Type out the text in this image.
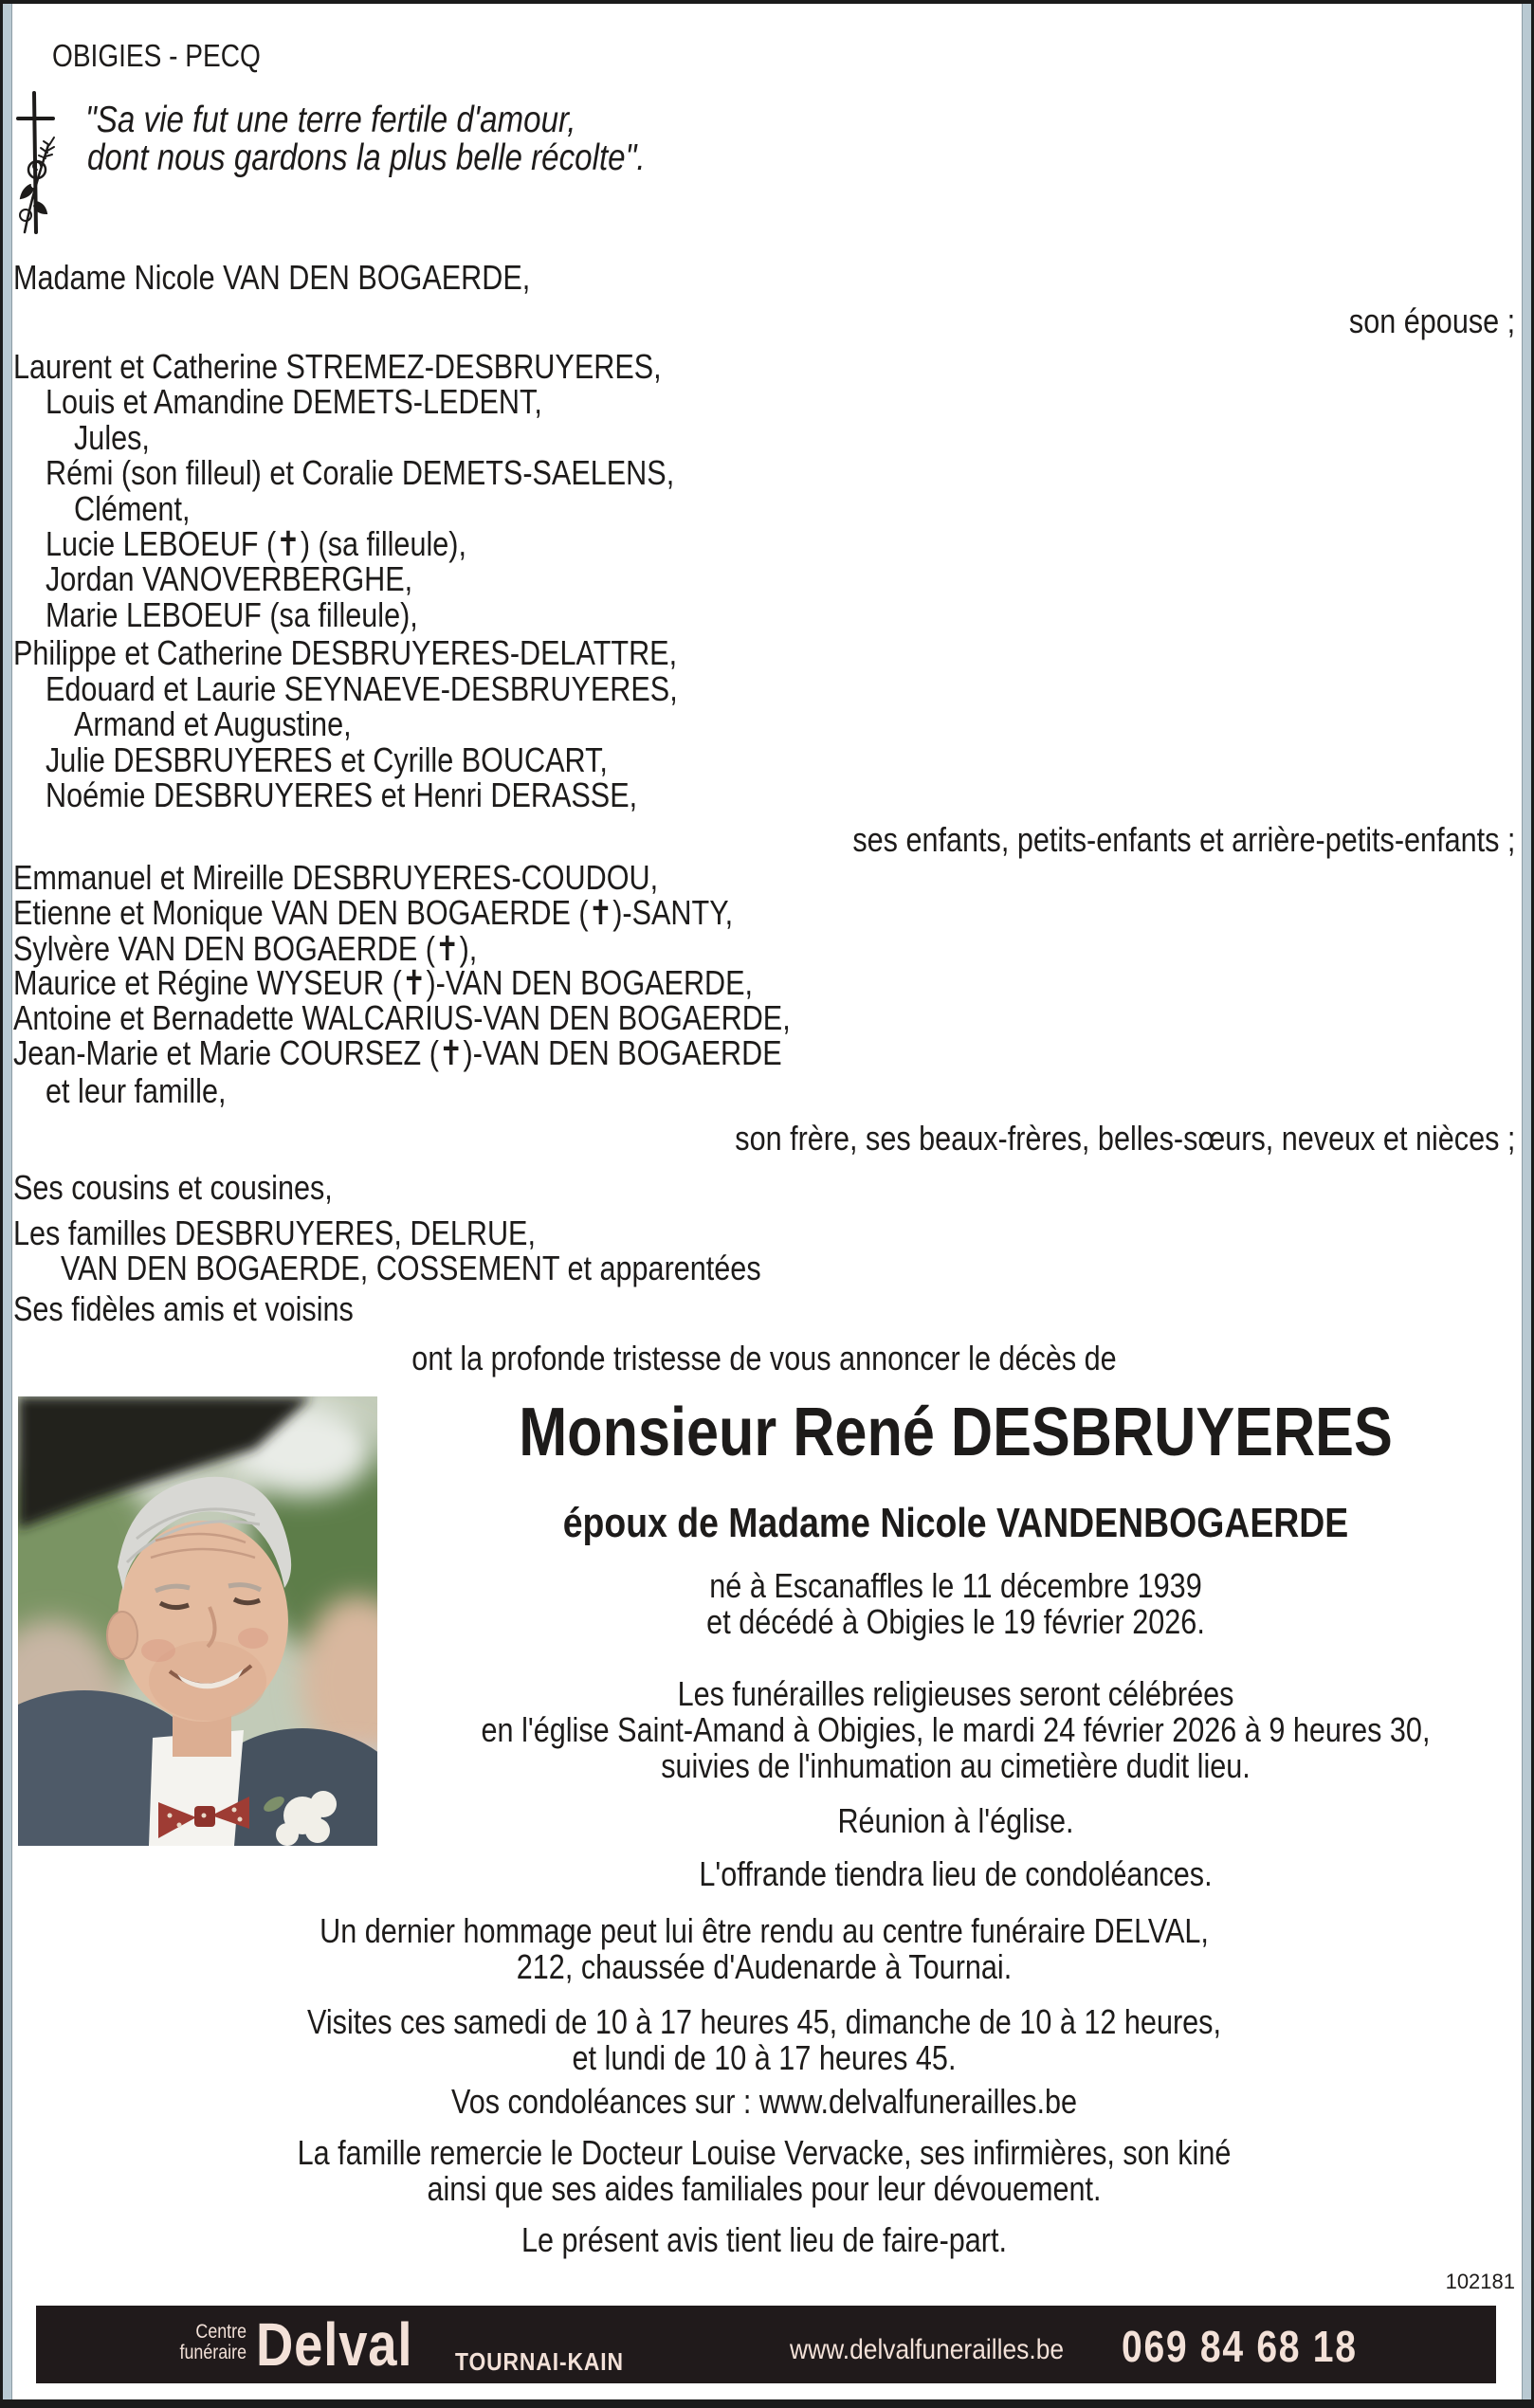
OBIGIES - PECQ
"Sa vie fut une terre fertile d'amour,
dont nous gardons la plus belle récolte".
Madame Nicole VAN DEN BOGAERDE,
son épouse ;
Laurent et Catherine STREMEZ-DESBRUYERES,
Louis et Amandine DEMETS-LEDENT,
Jules,
Rémi (son filleul) et Coralie DEMETS-SAELENS,
Clément,
Lucie LEBOEUF (✝) (sa filleule),
Jordan VANOVERBERGHE,
Marie LEBOEUF (sa filleule),
Philippe et Catherine DESBRUYERES-DELATTRE,
Edouard et Laurie SEYNAEVE-DESBRUYERES,
Armand et Augustine,
Julie DESBRUYERES et Cyrille BOUCART,
Noémie DESBRUYERES et Henri DERASSE,
ses enfants, petits-enfants et arrière-petits-enfants ;
Emmanuel et Mireille DESBRUYERES-COUDOU,
Etienne et Monique VAN DEN BOGAERDE (✝)-SANTY,
Sylvère VAN DEN BOGAERDE (✝),
Maurice et Régine WYSEUR (✝)-VAN DEN BOGAERDE,
Antoine et Bernadette WALCARIUS-VAN DEN BOGAERDE,
Jean-Marie et Marie COURSEZ (✝)-VAN DEN BOGAERDE
et leur famille,
son frère, ses beaux-frères, belles-sœurs, neveux et nièces ;
Ses cousins et cousines,
Les familles DESBRUYERES, DELRUE,
VAN DEN BOGAERDE, COSSEMENT et apparentées
Ses fidèles amis et voisins
ont la profonde tristesse de vous annoncer le décès de
Monsieur René DESBRUYERES
époux de Madame Nicole VANDENBOGAERDE
né à Escanaffles le 11 décembre 1939
et décédé à Obigies le 19 février 2026.
Les funérailles religieuses seront célébrées
en l'église Saint-Amand à Obigies, le mardi 24 février 2026 à 9 heures 30,
suivies de l'inhumation au cimetière dudit lieu.
Réunion à l'église.
L'offrande tiendra lieu de condoléances.
Un dernier hommage peut lui être rendu au centre funéraire DELVAL,
212, chaussée d'Audenarde à Tournai.
Visites ces samedi de 10 à 17 heures 45, dimanche de 10 à 12 heures,
et lundi de 10 à 17 heures 45.
Vos condoléances sur : www.delvalfunerailles.be
La famille remercie le Docteur Louise Vervacke, ses infirmières, son kiné
ainsi que ses aides familiales pour leur dévouement.
Le présent avis tient lieu de faire-part.
102181
Centre
funéraire Delval TOURNAI-KAIN	www.delvalfunerailles.be 069 84 68 18
